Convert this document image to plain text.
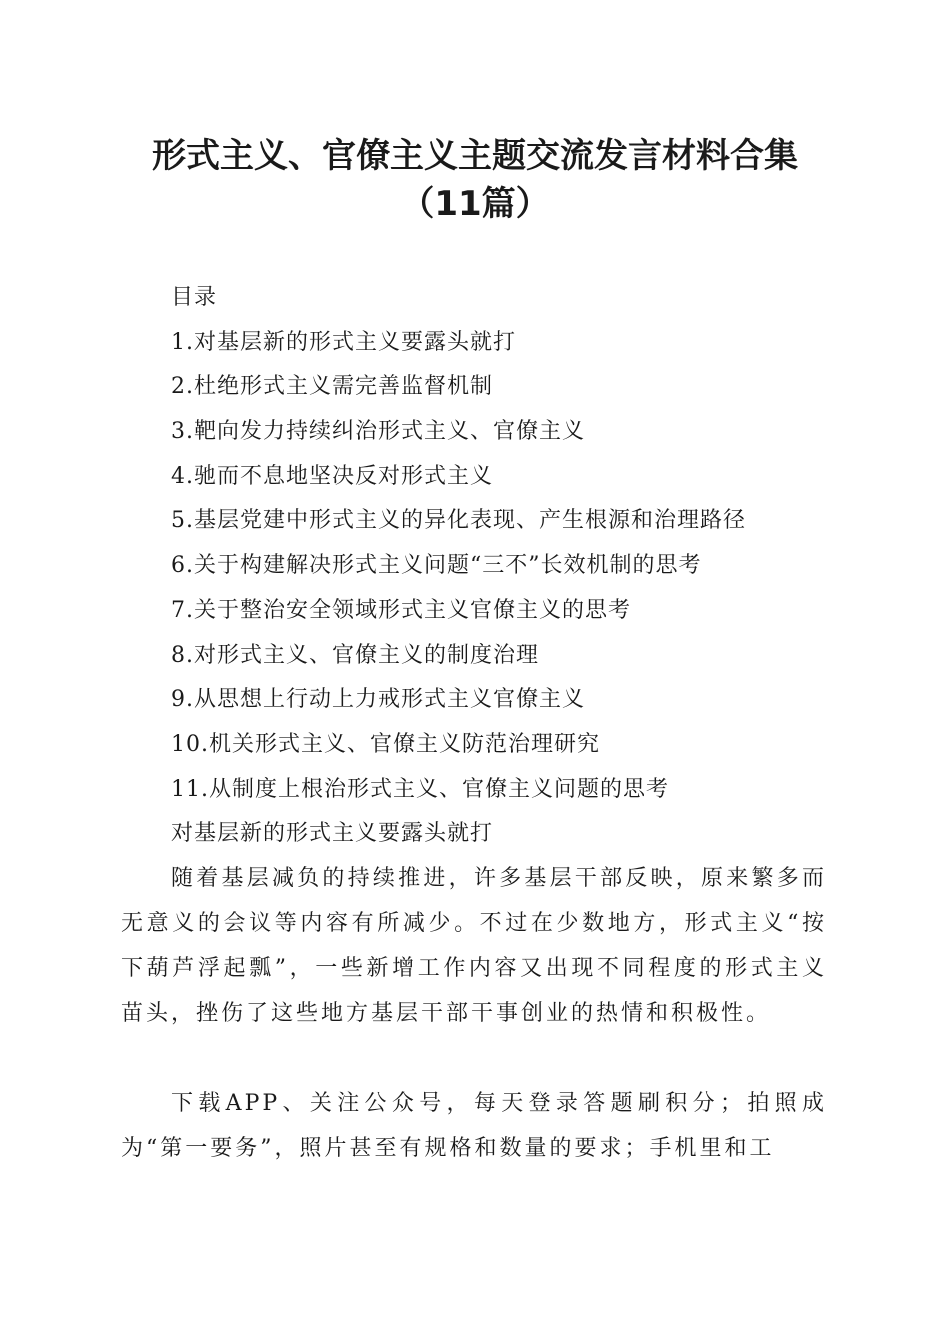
形式主义、官僚主义主题交流发言材料合集
（11篇）
目录
1.对基层新的形式主义要露头就打
2.杜绝形式主义需完善监督机制
3.靶向发力持续纠治形式主义、官僚主义
4.驰而不息地坚决反对形式主义
5.基层党建中形式主义的异化表现、产生根源和治理路径
6.关于构建解决形式主义问题“三不”长效机制的思考
7.关于整治安全领域形式主义官僚主义的思考
8.对形式主义、官僚主义的制度治理
9.从思想上行动上力戒形式主义官僚主义
10.机关形式主义、官僚主义防范治理研究
11.从制度上根治形式主义、官僚主义问题的思考
对基层新的形式主义要露头就打

随着基层减负的持续推进，许多基层干部反映，原来繁多而无意义的会议等内容有所减少。不过在少数地方，形式主义“按下葫芦浮起瓢”，一些新增工作内容又出现不同程度的形式主义苗头，挫伤了这些地方基层干部干事创业的热情和积极性。

下载APP、关注公众号，每天登录答题刷积分；拍照成为“第一要务”，照片甚至有规格和数量的要求；手机里和工
